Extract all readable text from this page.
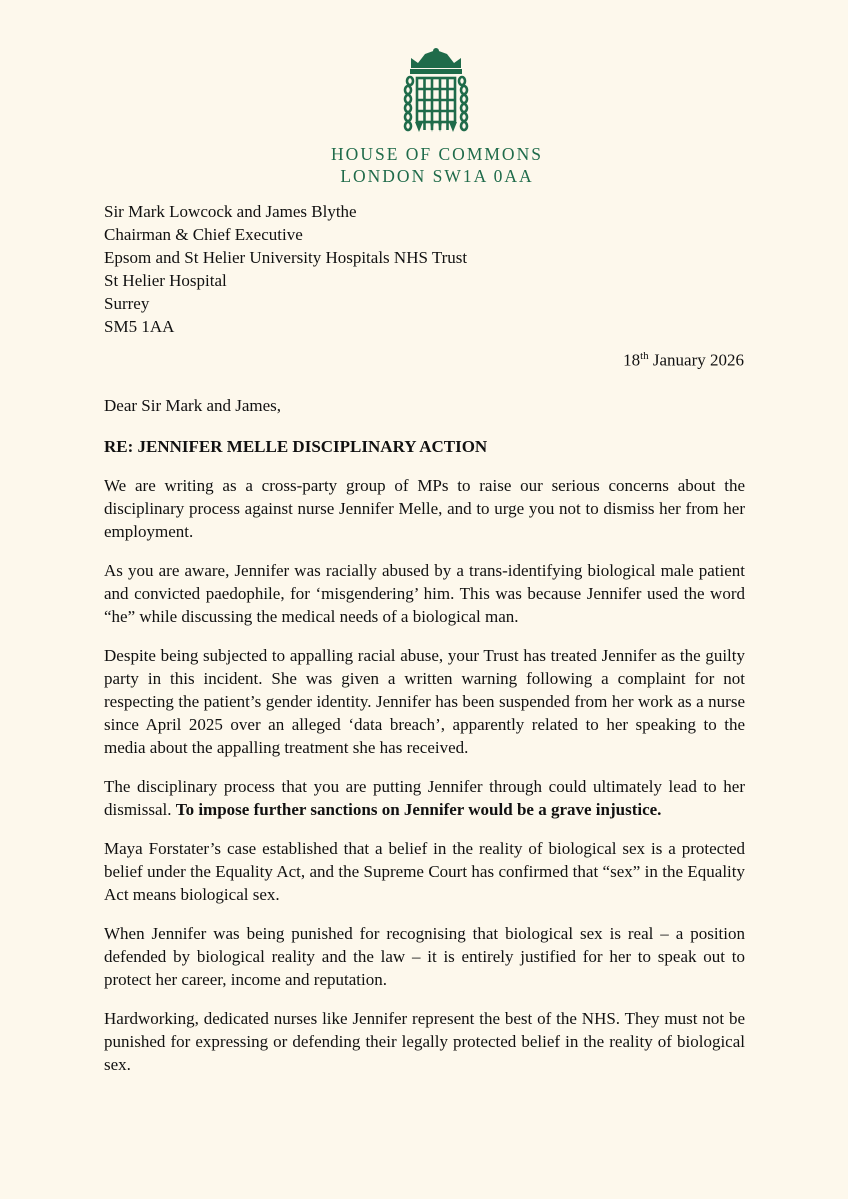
HOUSE OF COMMONS
LONDON SW1A 0AA
Sir Mark Lowcock and James Blythe
Chairman & Chief Executive
Epsom and St Helier University Hospitals NHS Trust
St Helier Hospital
Surrey
SM5 1AA
18th January 2026
Dear Sir Mark and James,
RE: JENNIFER MELLE DISCIPLINARY ACTION

We are writing as a cross-party group of MPs to raise our serious concerns about the disciplinary process against nurse Jennifer Melle, and to urge you not to dismiss her from her employment.

As you are aware, Jennifer was racially abused by a trans-identifying biological male patient and convicted paedophile, for ‘misgendering’ him. This was because Jennifer used the word “he” while discussing the medical needs of a biological man.

Despite being subjected to appalling racial abuse, your Trust has treated Jennifer as the guilty party in this incident. She was given a written warning following a complaint for not respecting the patient’s gender identity. Jennifer has been suspended from her work as a nurse since April 2025 over an alleged ‘data breach’, apparently related to her speaking to the media about the appalling treatment she has received.

The disciplinary process that you are putting Jennifer through could ultimately lead to her dismissal. To impose further sanctions on Jennifer would be a grave injustice.

Maya Forstater’s case established that a belief in the reality of biological sex is a protected belief under the Equality Act, and the Supreme Court has confirmed that “sex” in the Equality Act means biological sex.

When Jennifer was being punished for recognising that biological sex is real – a position defended by biological reality and the law – it is entirely justified for her to speak out to protect her career, income and reputation.

Hardworking, dedicated nurses like Jennifer represent the best of the NHS. They must not be punished for expressing or defending their legally protected belief in the reality of biological sex.
